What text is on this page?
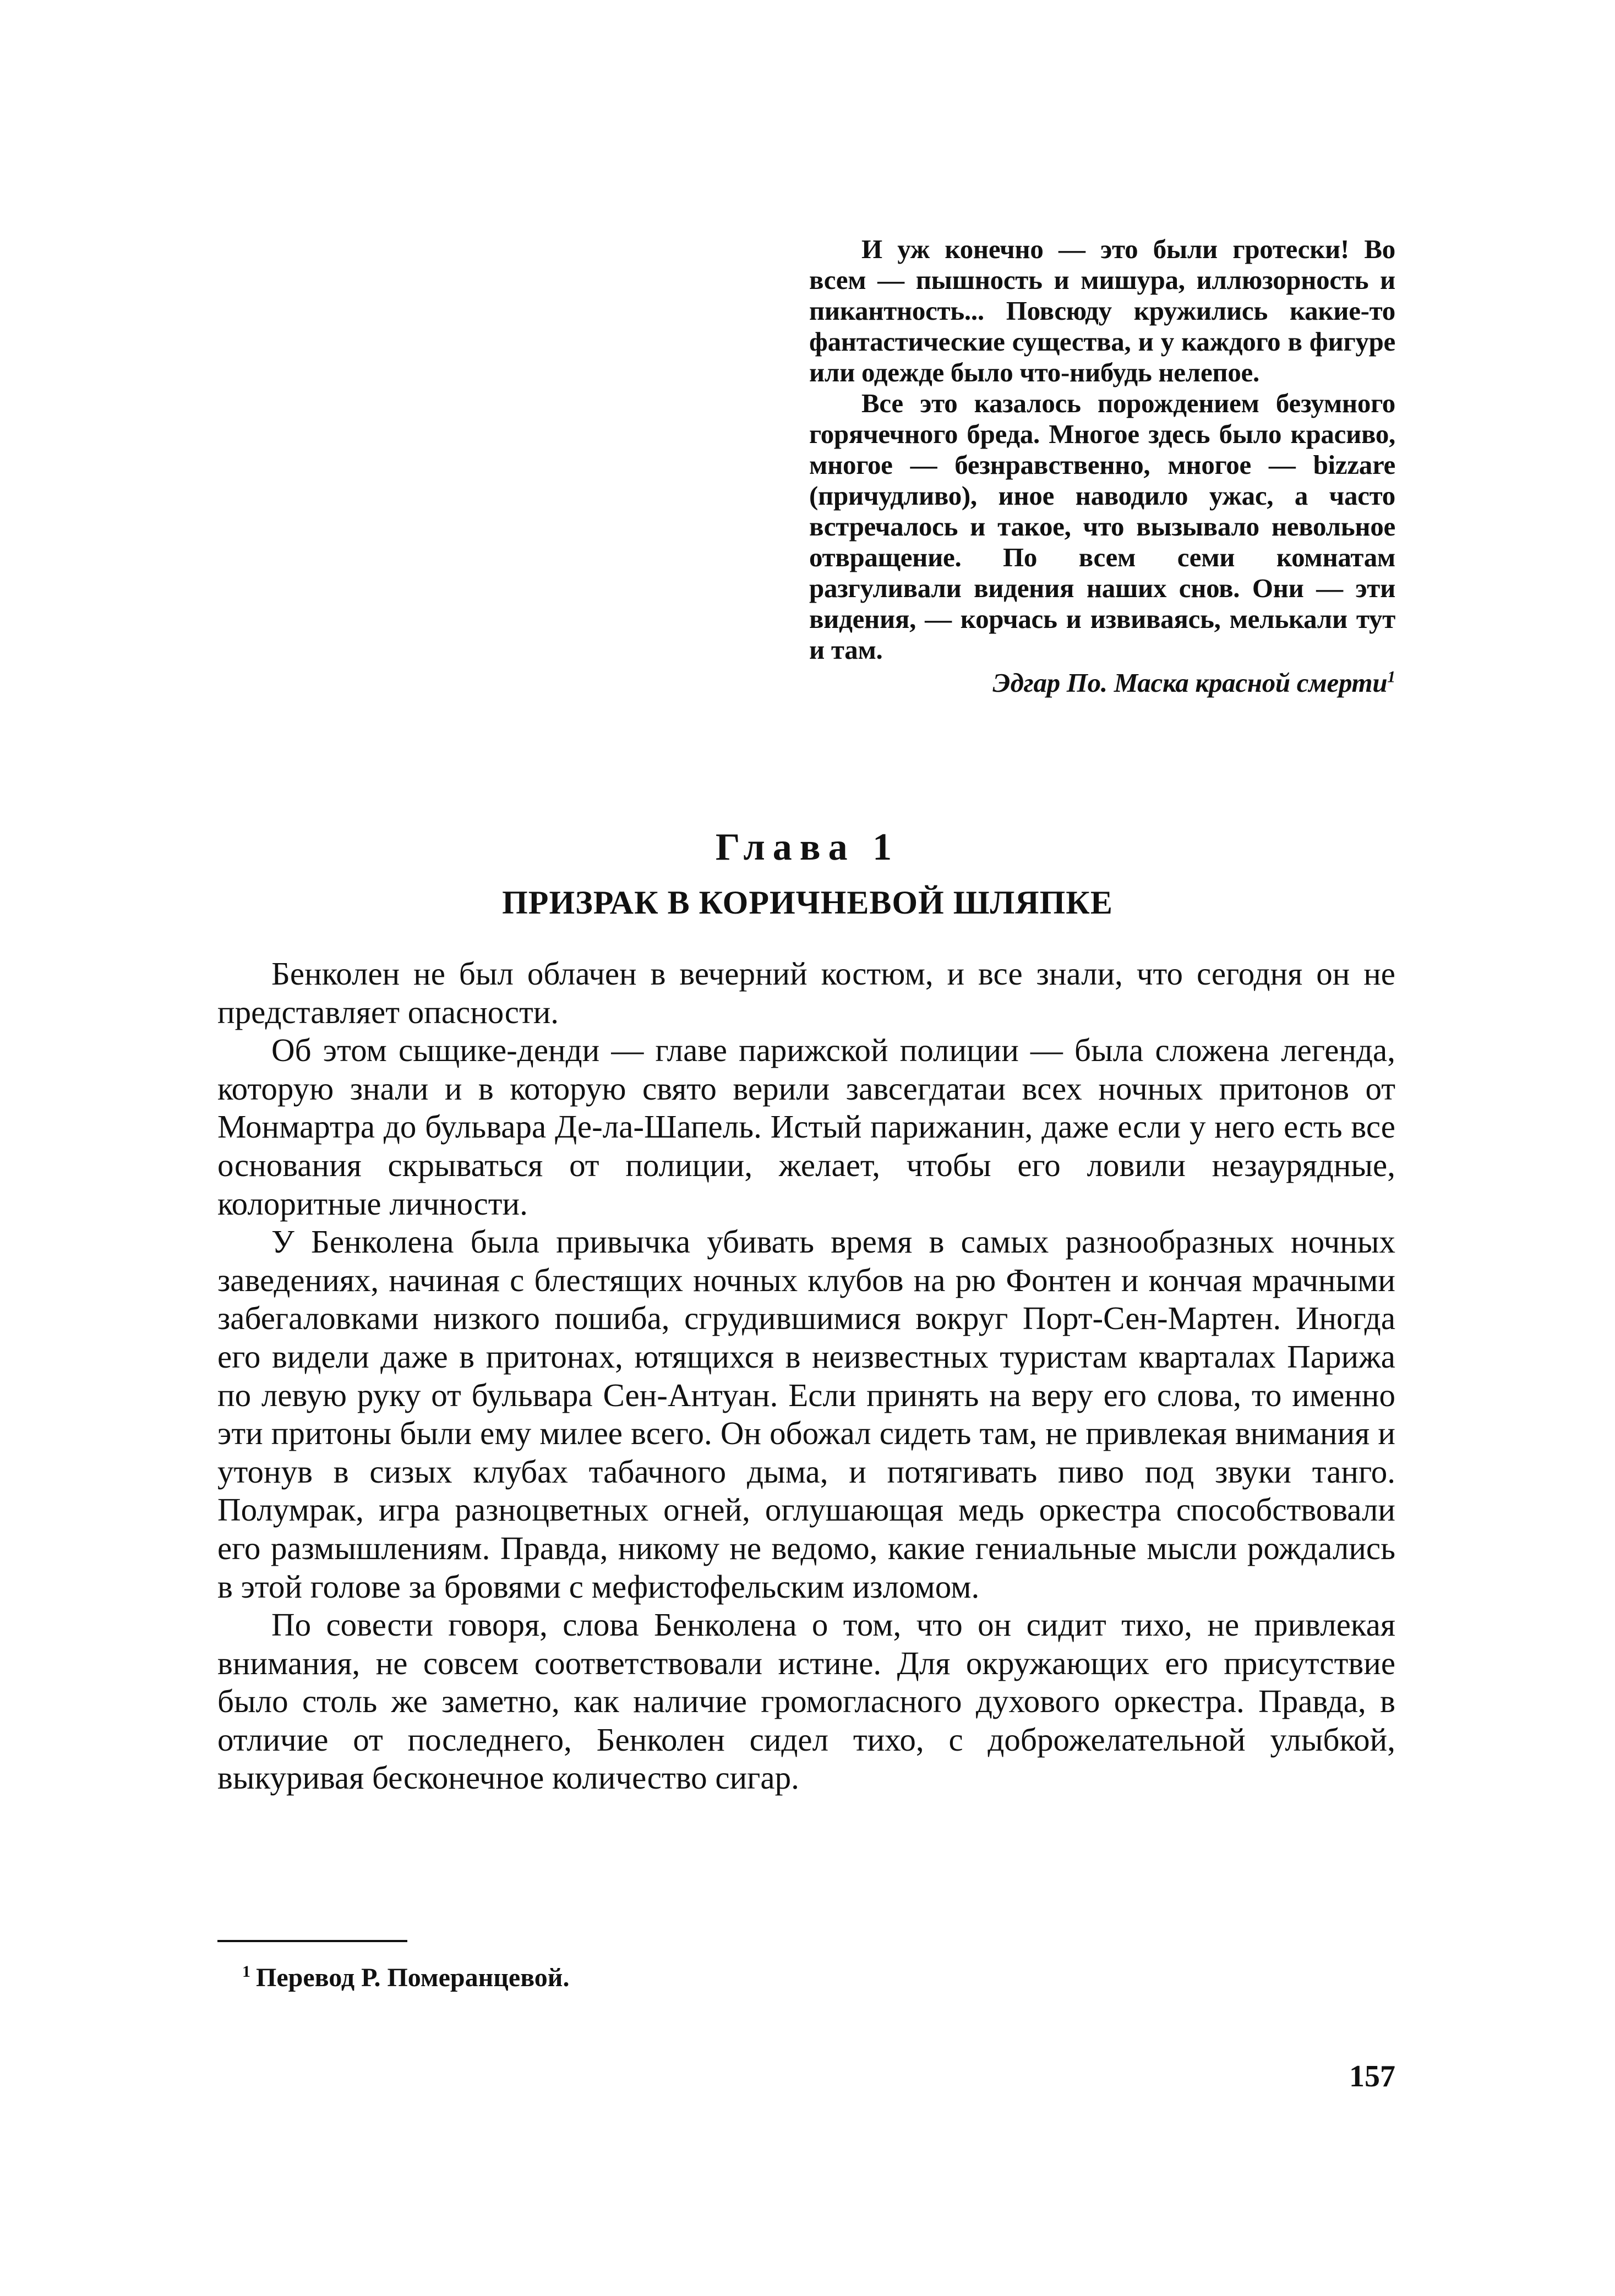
И уж конечно — это были гротески! Во всем — пышность и мишура, иллюзорность и пикантность... Повсюду кружились какие-то фантастические существа, и у каждого в фигуре или одежде было что-нибудь нелепое.

Все это казалось порождением безумного горячечного бреда. Многое здесь было красиво, многое — безнравственно, многое — bizzare (причудливо), иное наводило ужас, а часто встречалось и такое, что вызывало невольное отвращение. По всем семи комнатам разгуливали видения наших снов. Они — эти видения, — корчась и извиваясь, мелькали тут и там.

Эдгар По. Маска красной смерти$^1$

Глава 1
ПРИЗРАК В КОРИЧНЕВОЙ ШЛЯПКЕ

Бенколен не был облачен в вечерний костюм, и все знали, что сегодня он не представляет опасности.

Об этом сыщике-денди — главе парижской полиции — была сложена легенда, которую знали и в которую свято верили завсегдатаи всех ночных притонов от Монмартра до бульвара Де-ла-Шапель. Истый парижанин, даже если у него есть все основания скрываться от полиции, желает, чтобы его ловили незаурядные, колоритные личности.

У Бенколена была привычка убивать время в самых разнообразных ночных заведениях, начиная с блестящих ночных клубов на рю Фонтен и кончая мрачными забегаловками низкого пошиба, сгрудившимися вокруг Порт-Сен-Мартен. Иногда его видели даже в притонах, ютящихся в неизвестных туристам кварталах Парижа по левую руку от бульвара Сен-Антуан. Если принять на веру его слова, то именно эти притоны были ему милее всего. Он обожал сидеть там, не привлекая внимания и утонув в сизых клубах табачного дыма, и потягивать пиво под звуки танго. Полумрак, игра разноцветных огней, оглушающая медь оркестра способствовали его размышлениям. Правда, никому не ведомо, какие гениальные мысли рождались в этой голове за бровями с мефистофельским изломом.

По совести говоря, слова Бенколена о том, что он сидит тихо, не привлекая внимания, не совсем соответствовали истине. Для окружающих его присутствие было столь же заметно, как наличие громогласного духового оркестра. Правда, в отличие от последнего, Бенколен сидел тихо, с доброжелательной улыбкой, выкуривая бесконечное количество сигар.

$^1$ Перевод Р. Померанцевой.
157
